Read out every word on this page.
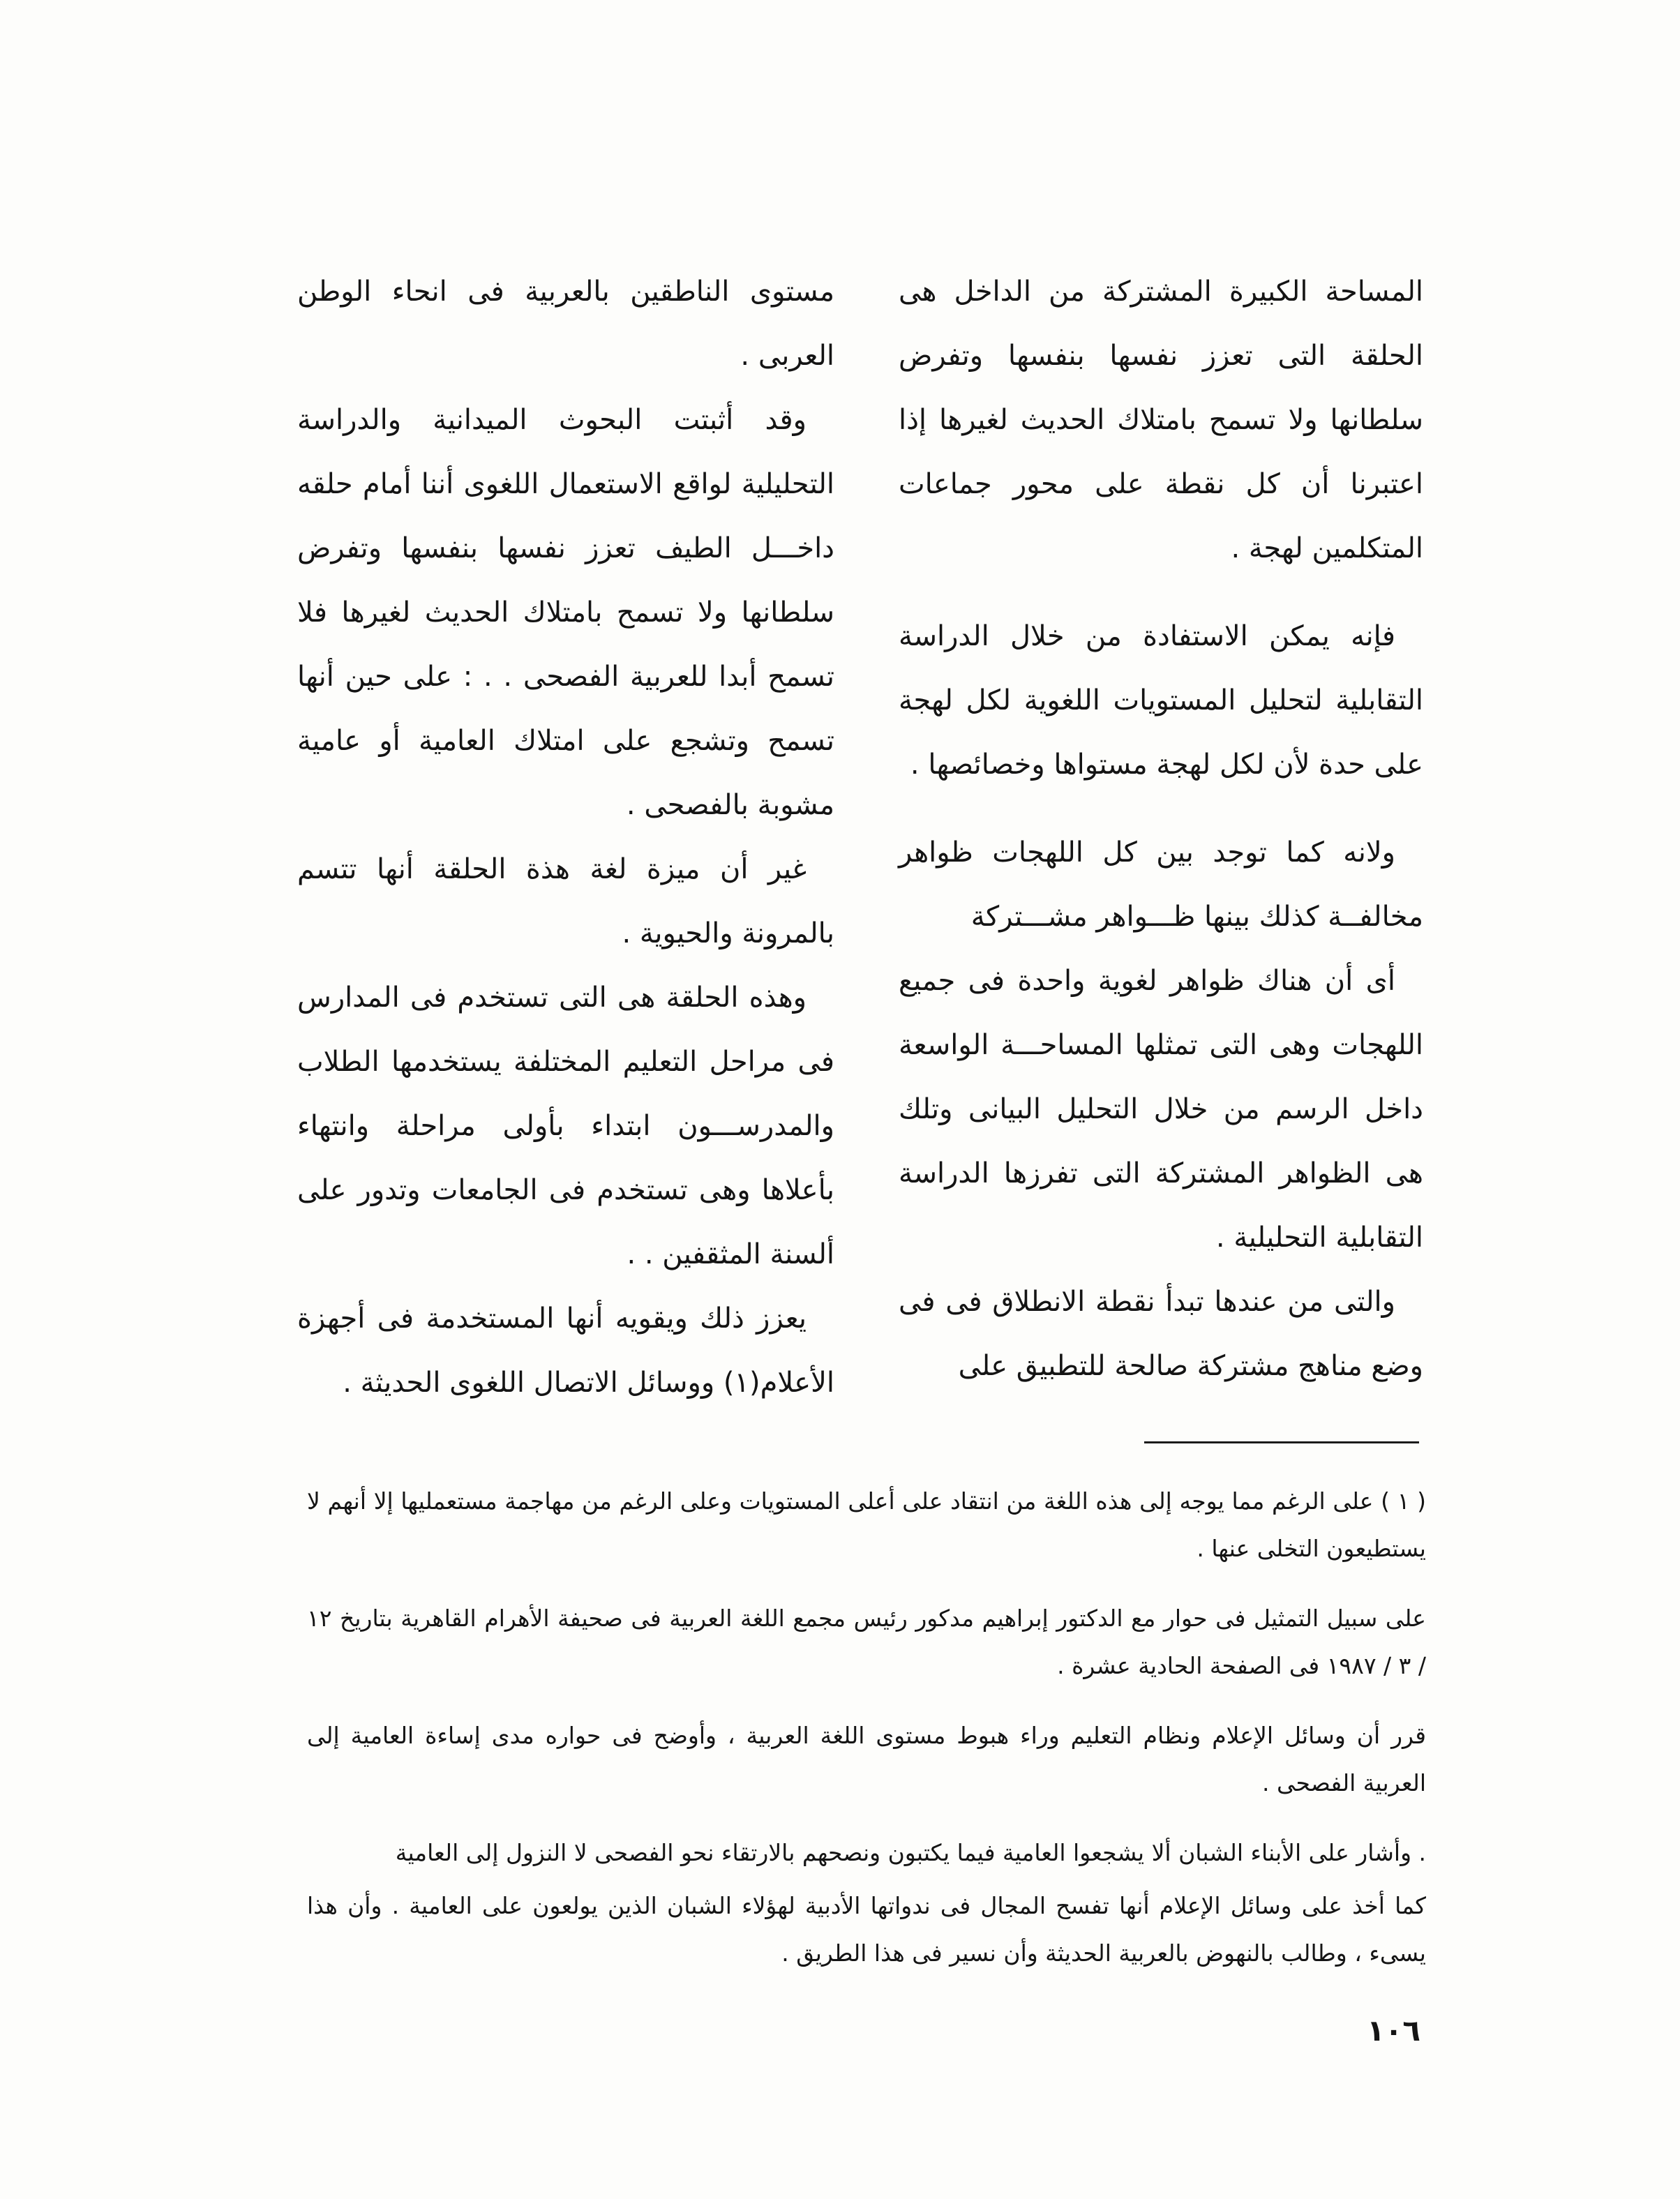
المساحة الكبيرة المشتركة من الداخل هى الحلقة التى تعزز نفسها بنفسها وتفرض سلطانها ولا تسمح بامتلاك الحديث لغيرها إذا اعتبرنا أن كل نقطة على محور جماعات المتكلمين لهجة .

فإنه يمكن الاستفادة من خلال الدراسة التقابلية لتحليل المستويات اللغوية لكل لهجة على حدة لأن لكل لهجة مستواها وخصائصها .

ولانه كما توجد بين كل اللهجات ظواهر مخالفــة كذلك بينها ظـــواهر مشـــتركة

أى أن هناك ظواهر لغوية واحدة فى جميع اللهجات وهى التى تمثلها المساحـــة الواسعة داخل الرسم من خلال التحليل البيانى وتلك هى الظواهر المشتركة التى تفرزها الدراسة التقابلية التحليلية .

والتى من عندها تبدأ نقطة الانطلاق فى فى وضع مناهج مشتركة صالحة للتطبيق على

مستوى الناطقين بالعربية فى انحاء الوطن العربى .

وقد أثبتت البحوث الميدانية والدراسة التحليلية لواقع الاستعمال اللغوى أننا أمام حلقه داخـــل الطيف تعزز نفسها بنفسها وتفرض سلطانها ولا تسمح بامتلاك الحديث لغيرها فلا تسمح أبدا للعربية الفصحى . . : على حين أنها تسمح وتشجع على امتلاك العامية أو عامية مشوبة بالفصحى .

غير أن ميزة لغة هذة الحلقة أنها تتسم بالمرونة والحيوية .

وهذه الحلقة هى التى تستخدم فى المدارس فى مراحل التعليم المختلفة يستخدمها الطلاب والمدرســـون ابتداء بأولى مراحلة وانتهاء بأعلاها وهى تستخدم فى الجامعات وتدور على ألسنة المثقفين . .

يعزز ذلك ويقويه أنها المستخدمة فى أجهزة الأعلام(١) ووسائل الاتصال اللغوى الحديثة .

( ١ ) على الرغم مما يوجه إلى هذه اللغة من انتقاد على أعلى المستويات وعلى الرغم من مهاجمة مستعمليها إلا أنهم لا يستطيعون التخلى عنها .

على سبيل التمثيل فى حوار مع الدكتور إبراهيم مدكور رئيس مجمع اللغة العربية فى صحيفة الأهرام القاهرية بتاريخ ١٢ / ٣ / ١٩٨٧ فى الصفحة الحادية عشرة .

قرر أن وسائل الإعلام ونظام التعليم وراء هبوط مستوى اللغة العربية ، وأوضح فى حواره مدى إساءة العامية إلى العربية الفصحى .

. وأشار على الأبناء الشبان ألا يشجعوا العامية فيما يكتبون ونصحهم بالارتقاء نحو الفصحى لا النزول إلى العامية

كما أخذ على وسائل الإعلام أنها تفسح المجال فى ندواتها الأدبية لهؤلاء الشبان الذين يولعون على العامية . وأن هذا يسىء ، وطالب بالنهوض بالعربية الحديثة وأن نسير فى هذا الطريق .

١٠٦
